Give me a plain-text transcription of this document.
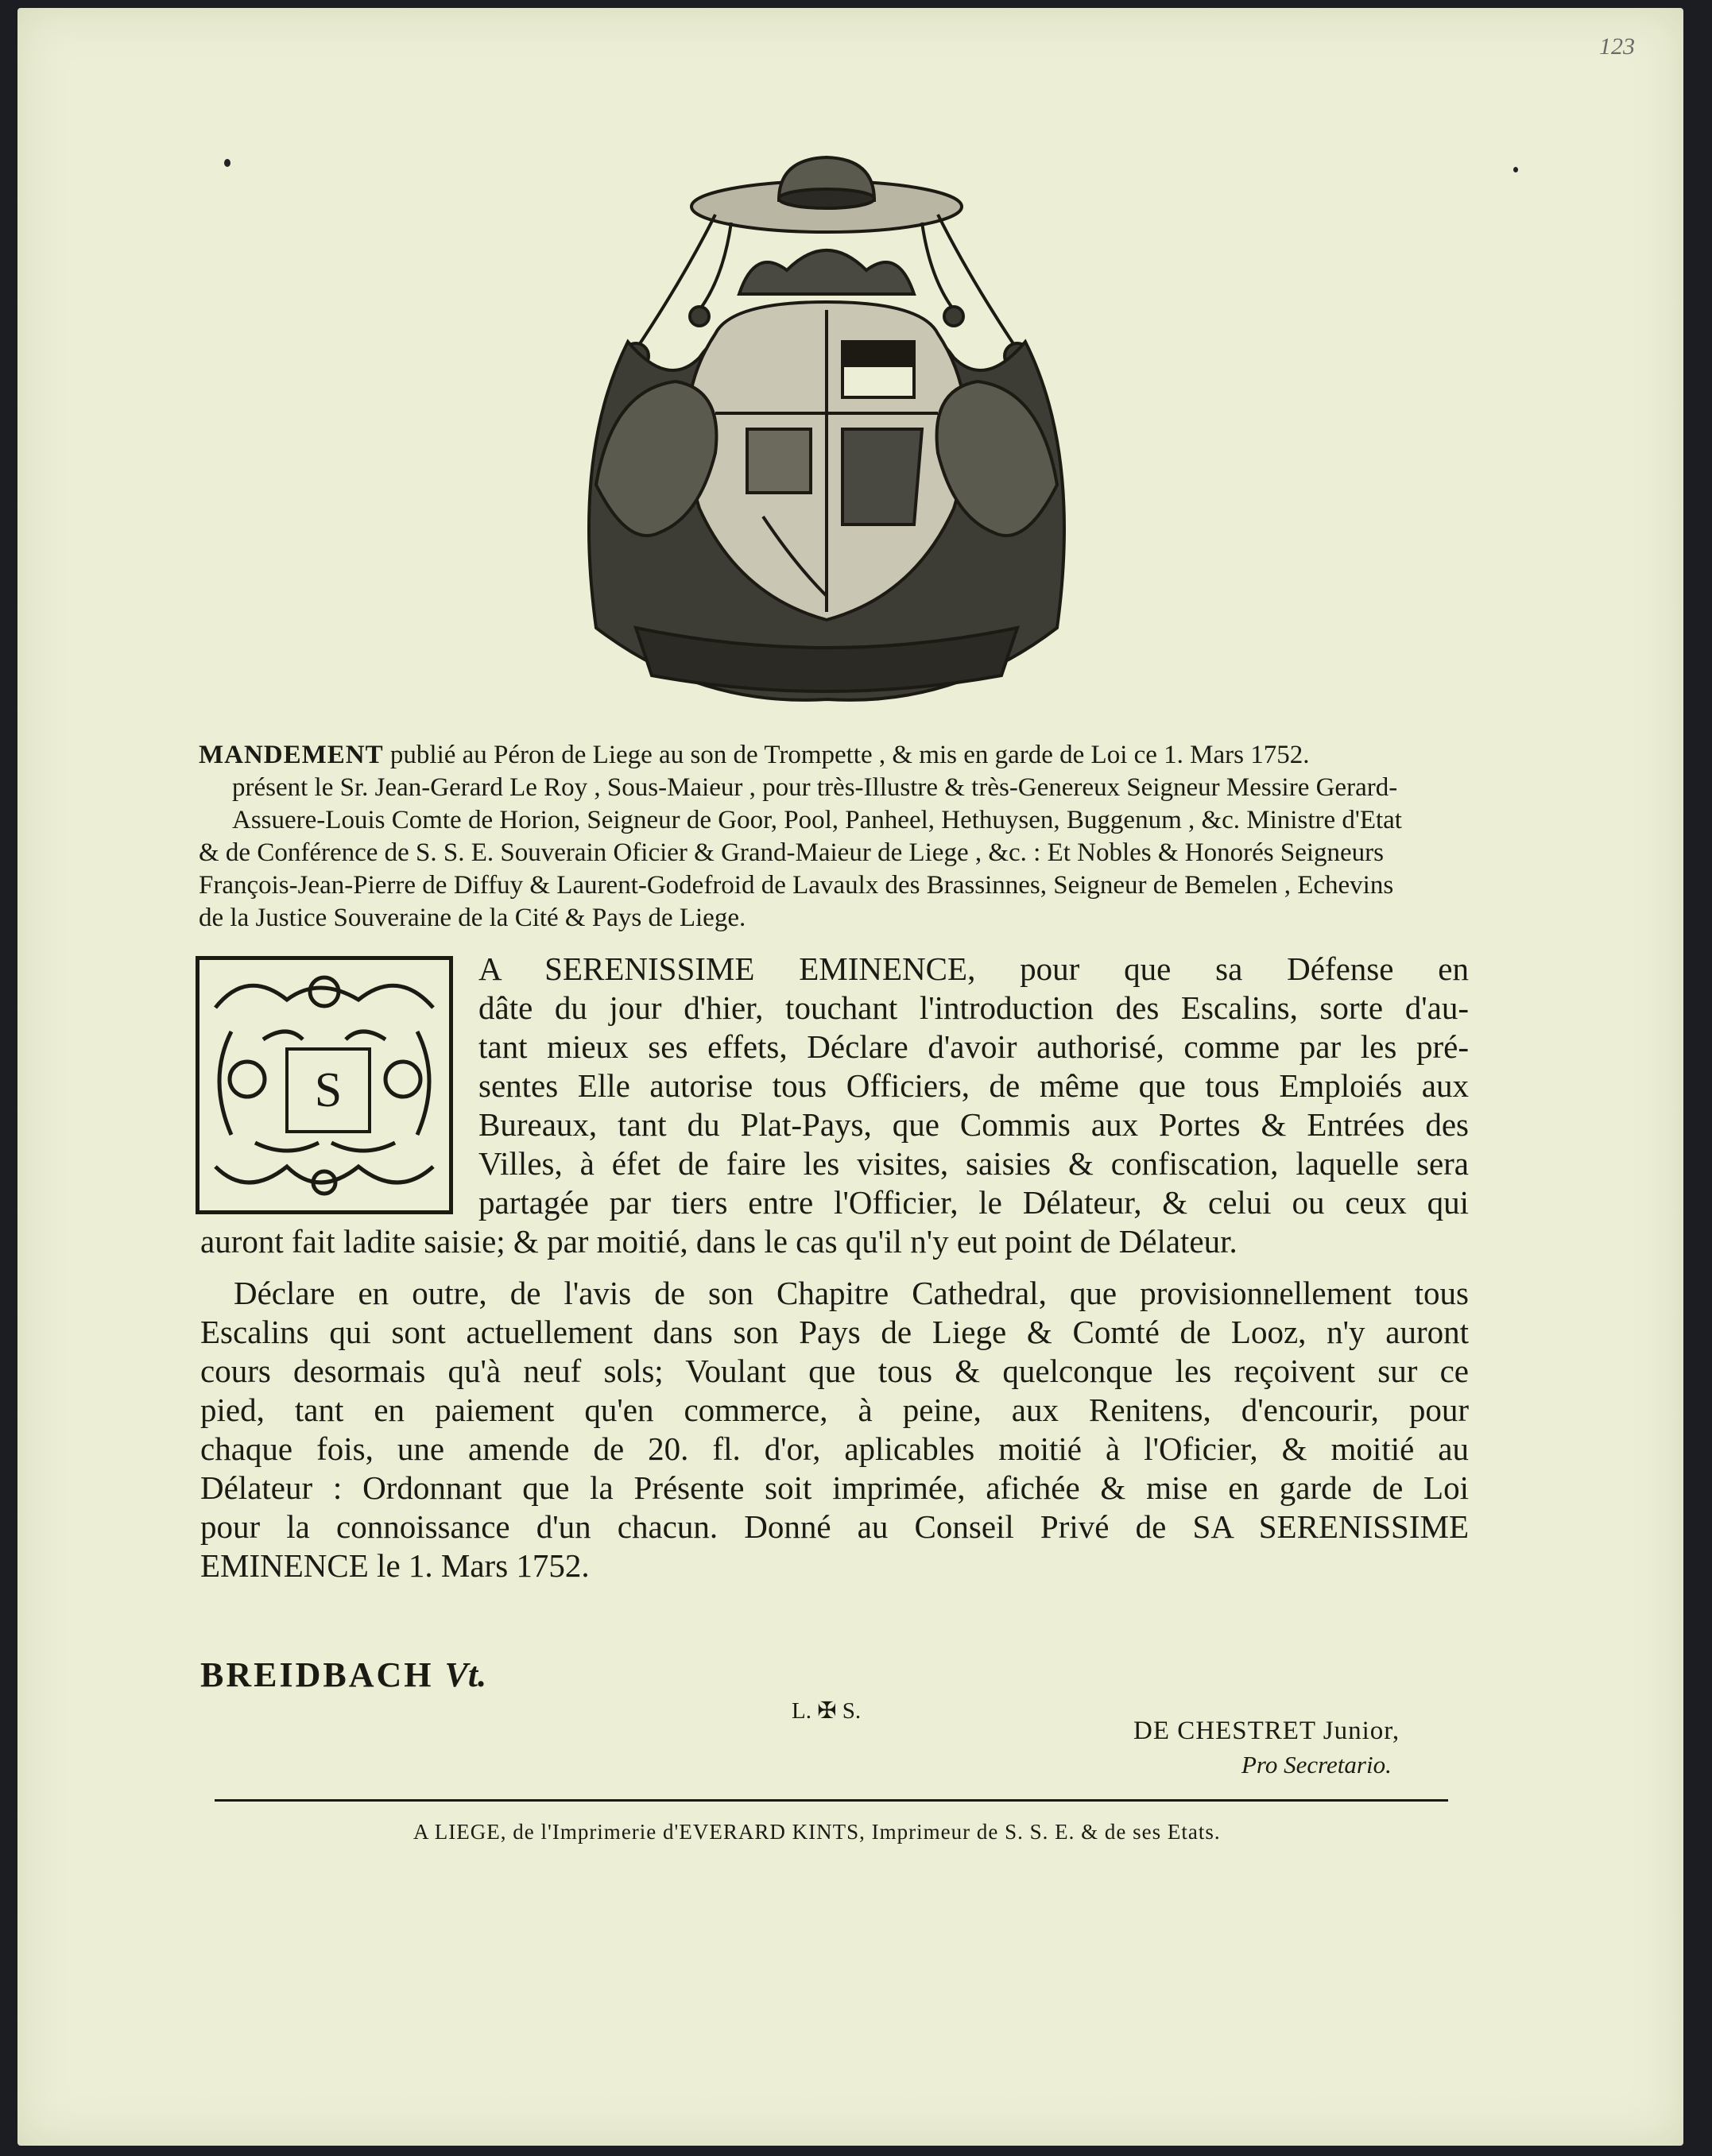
123
MANDEMENT publié au Péron de Liege au son de Trompette , & mis en garde de Loi ce 1. Mars 1752.
présent le Sr. Jean-Gerard Le Roy , Sous-Maieur , pour très-Illustre & très-Genereux Seigneur Messire Gerard-
Assuere-Louis Comte de Horion, Seigneur de Goor, Pool, Panheel, Hethuysen, Buggenum , &c. Ministre d'Etat
& de Conférence de S. S. E. Souverain Oficier & Grand-Maieur de Liege , &c. : Et Nobles & Honorés Seigneurs
François-Jean-Pierre de Diffuy & Laurent-Godefroid de Lavaulx des Brassinnes, Seigneur de Bemelen , Echevins
de la Justice Souveraine de la Cité & Pays de Liege.
S
A SERENISSIME EMINENCE, pour que sa Défense en
dâte du jour d'hier, touchant l'introduction des Escalins, sorte d'au-
tant mieux ses effets, Déclare d'avoir authorisé, comme par les pré-
sentes Elle autorise tous Officiers, de même que tous Emploiés aux
Bureaux, tant du Plat-Pays, que Commis aux Portes & Entrées des
Villes, à éfet de faire les visites, saisies & confiscation, laquelle sera
partagée par tiers entre l'Officier, le Délateur, & celui ou ceux qui
auront fait ladite saisie; & par moitié, dans le cas qu'il n'y eut point de Délateur.
Déclare en outre, de l'avis de son Chapitre Cathedral, que provisionnellement tous
Escalins qui sont actuellement dans son Pays de Liege & Comté de Looz, n'y auront
cours desormais qu'à neuf sols; Voulant que tous & quelconque les reçoivent sur ce
pied, tant en paiement qu'en commerce, à peine, aux Renitens, d'encourir, pour
chaque fois, une amende de 20. fl. d'or, aplicables moitié à l'Oficier, & moitié au
Délateur : Ordonnant que la Présente soit imprimée, afichée & mise en garde de Loi
pour la connoissance d'un chacun. Donné au Conseil Privé de SA SERENISSIME
EMINENCE le 1. Mars 1752.
BREIDBACH Vt.
L. ✠ S.
DE CHESTRET Junior,
Pro Secretario.
A LIEGE, de l'Imprimerie d'EVERARD KINTS, Imprimeur de S. S. E. & de ses Etats.
